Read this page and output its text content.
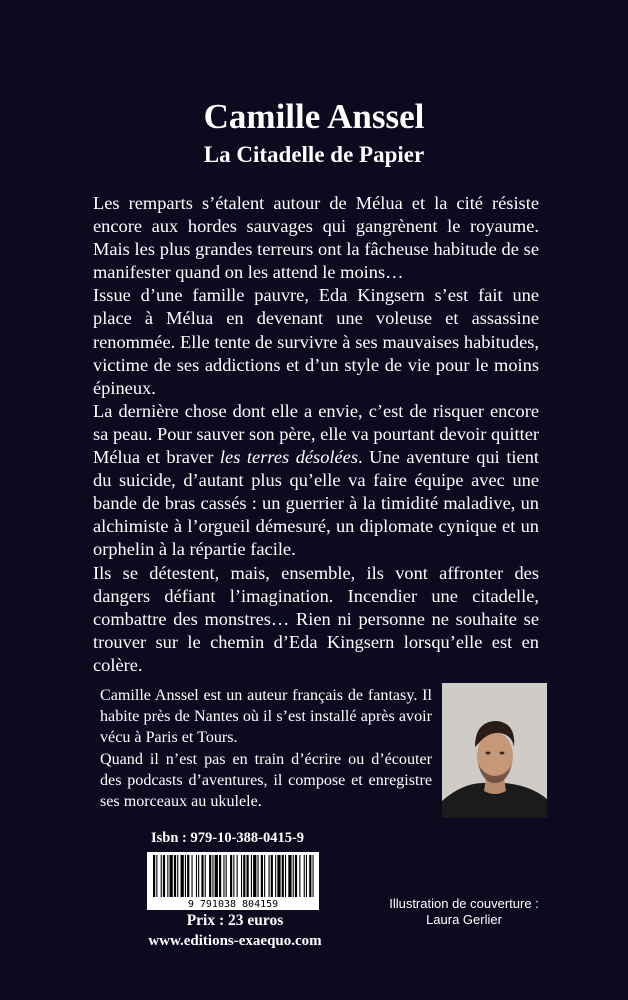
Camille Anssel
La Citadelle de Papier

Les remparts s’étalent autour de Mélua et la cité résiste encore aux hordes sauvages qui gangrènent le royaume. Mais les plus grandes terreurs ont la fâcheuse habitude de se manifester quand on les attend le moins…

Issue d’une famille pauvre, Eda Kingsern s’est fait une place à Mélua en devenant une voleuse et assassine renommée. Elle tente de survivre à ses mauvaises habitudes, victime de ses addictions et d’un style de vie pour le moins épineux.

La dernière chose dont elle a envie, c’est de risquer encore sa peau. Pour sauver son père, elle va pourtant devoir quitter Mélua et braver les terres désolées. Une aventure qui tient du suicide, d’autant plus qu’elle va faire équipe avec une bande de bras cassés : un guerrier à la timidité maladive, un alchimiste à l’orgueil démesuré, un diplomate cynique et un orphelin à la répartie facile.

Ils se détestent, mais, ensemble, ils vont affronter des dangers défiant l’imagination. Incendier une citadelle, combattre des monstres… Rien ni personne ne souhaite se trouver sur le chemin d’Eda Kingsern lorsqu’elle est en colère.

Camille Anssel est un auteur français de fantasy. Il habite près de Nantes où il s’est installé après avoir vécu à Paris et Tours.

Quand il n’est pas en train d’écrire ou d’écouter des podcasts d’aventures, il compose et enregistre ses morceaux au ukulele.

Isbn : 979-10-388-0415-9
9 791038 804159
Prix : 23 euros
www.editions-exaequo.com
Illustration de couverture :
Laura Gerlier
